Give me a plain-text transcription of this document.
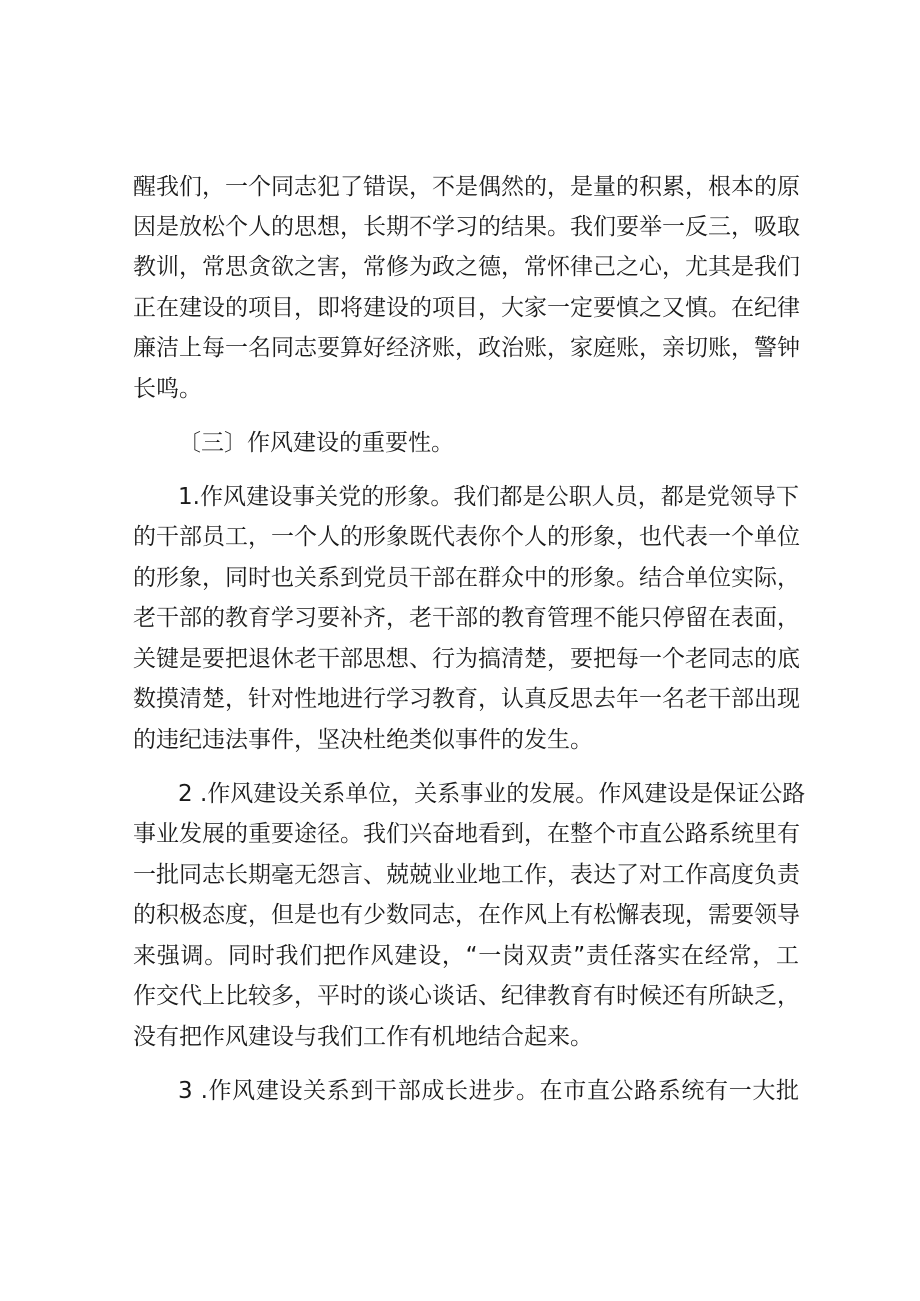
醒我们，一个同志犯了错误，不是偶然的，是量的积累，根本的原
因是放松个人的思想，长期不学习的结果。我们要举一反三，吸取
教训，常思贪欲之害，常修为政之德，常怀律己之心，尤其是我们
正在建设的项目，即将建设的项目，大家一定要慎之又慎。在纪律
廉洁上每一名同志要算好经济账，政治账，家庭账，亲切账，警钟
长鸣。
〔三〕作风建设的重要性。
1.作风建设事关党的形象。我们都是公职人员，都是党领导下
的干部员工，一个人的形象既代表你个人的形象，也代表一个单位
的形象，同时也关系到党员干部在群众中的形象。结合单位实际，
老干部的教育学习要补齐，老干部的教育管理不能只停留在表面，
关键是要把退休老干部思想、行为搞清楚，要把每一个老同志的底
数摸清楚，针对性地进行学习教育，认真反思去年一名老干部出现
的违纪违法事件，坚决杜绝类似事件的发生。
2 .作风建设关系单位，关系事业的发展。作风建设是保证公路
事业发展的重要途径。我们兴奋地看到，在整个市直公路系统里有
一批同志长期毫无怨言、兢兢业业地工作，表达了对工作高度负责
的积极态度，但是也有少数同志，在作风上有松懈表现，需要领导
来强调。同时我们把作风建设，“一岗双责”责任落实在经常，工
作交代上比较多，平时的谈心谈话、纪律教育有时候还有所缺乏，
没有把作风建设与我们工作有机地结合起来。
3 .作风建设关系到干部成长进步。在市直公路系统有一大批
